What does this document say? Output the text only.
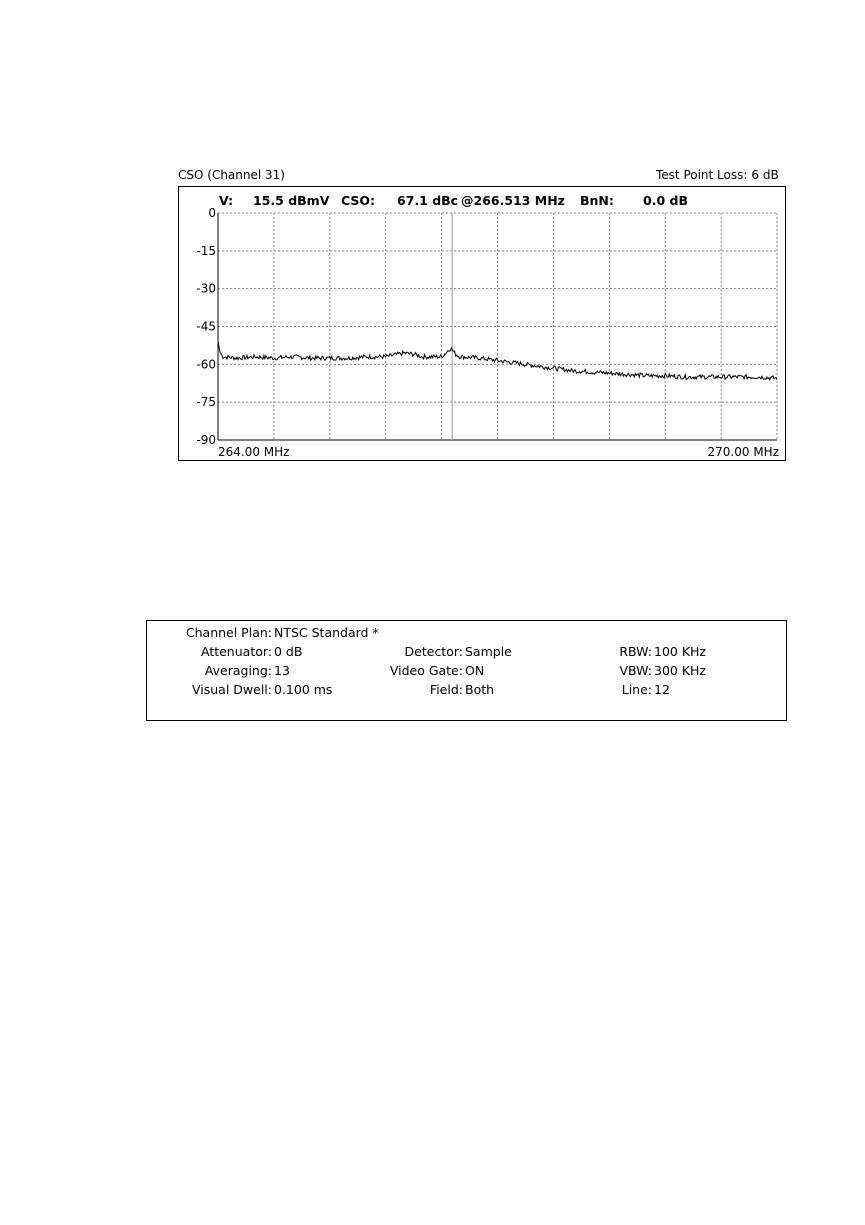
CSO (Channel 31)	Test Point Loss: 6 dB
0
-15
-30
-45
-60
-75
-90
V: 15.5 dBmV CSO: 67.1 dBc @266.513 MHz BnN: 0.0 dB
264.00 MHz	270.00 MHz
Channel Plan: NTSC Standard *
Attenuator: 0 dB
Averaging: 13
Visual Dwell: 0.100 ms
Detector: Sample
Video Gate: ON
Field: Both
RBW: 100 KHz
VBW: 300 KHz
Line: 12
